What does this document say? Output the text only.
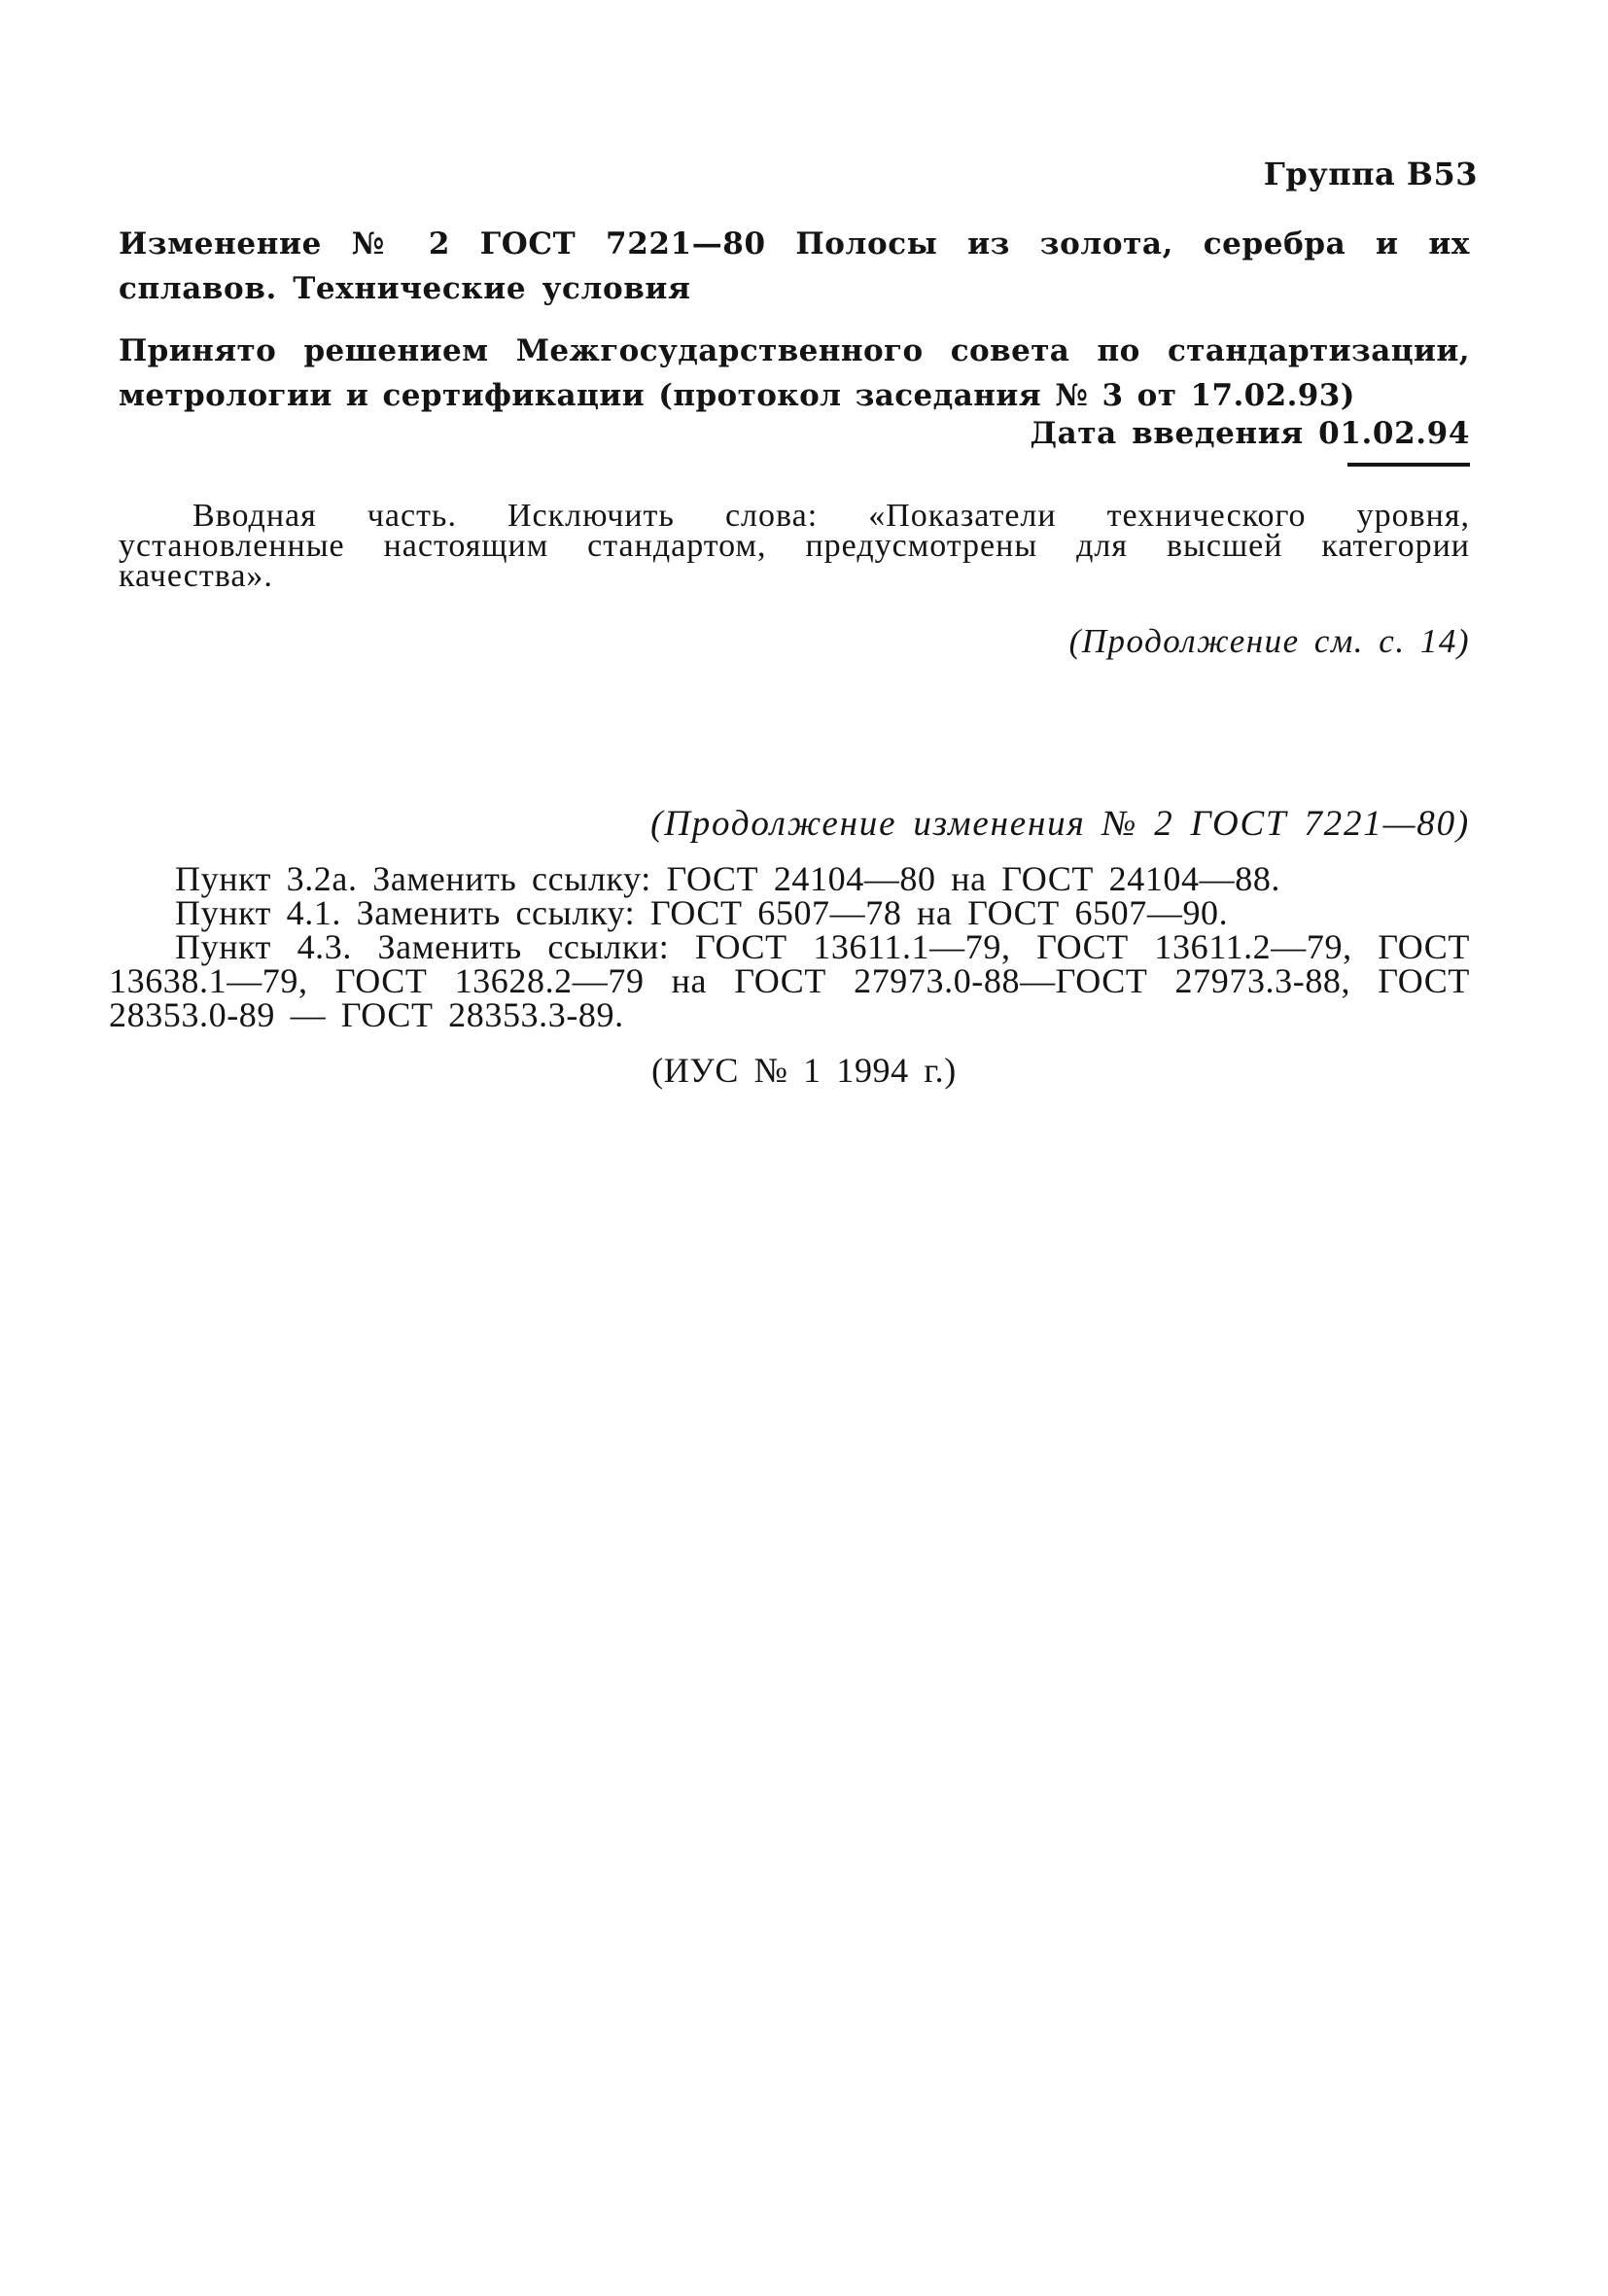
Группа В53
Изменение № 2 ГОСТ 7221—80 Полосы из золота, серебра и их сплавов. Технические условия
Принято решением Межгосударственного совета по стандартизации, метрологии и сертификации (протокол заседания № 3 от 17.02.93)
Дата введения 01.02.94
Вводная часть. Исключить слова: «Показатели технического уровня, установленные настоящим стандартом, предусмотрены для высшей категории качества».
(Продолжение см. с. 14)
(Продолжение изменения № 2 ГОСТ 7221—80)
Пункт 3.2а. Заменить ссылку: ГОСТ 24104—80 на ГОСТ 24104—88.
Пункт 4.1. Заменить ссылку: ГОСТ 6507—78 на ГОСТ 6507—90.
Пункт 4.3. Заменить ссылки: ГОСТ 13611.1—79, ГОСТ 13611.2—79, ГОСТ 13638.1—79, ГОСТ 13628.2—79 на ГОСТ 27973.0-88—ГОСТ 27973.3-88, ГОСТ 28353.0-89 — ГОСТ 28353.3-89.
(ИУС № 1 1994 г.)
